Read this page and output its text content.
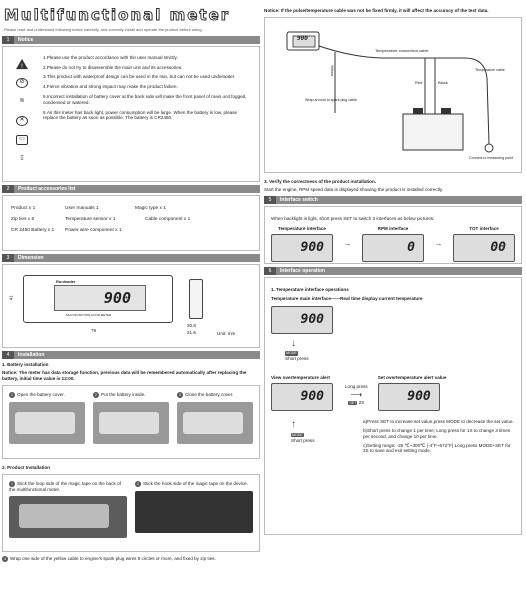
Multifunctional meter
Please read and understand following notice carefully, and correctly install and operate the product before using.
1	Notice
!
⊘
≋
✕
▭
▯

1.Please use the product accordance with the user manual strictly.

2.Please do not try to disassemble the main unit and its accessories.

3.This product with waterproof design can be used in the rain, but can not be used underwater.

4.Fierce vibration and strong impact may make the product failure.

5.Incorrect installation of battery cover at the back side will make the front panel of main unit fogged, condensed or watered.

6.As this meter has back light, power consumption will be large. When the battery is low, please replace the battery as soon as possible. The battery is CR2450.

2	Product accessories list
Product x 1	User manuals 1	Magic type x 1
Zip ties x 6	Temperature sensor x 1	Cable component x 1
CR 2450 Battery x 1	Power wire component x 1
3	Dimension
41
Runleader
900
MULTIFUNCTION HOUR METER
79
20.8
21.6	Unit: mm
4	Installation
1. Battery installation
Notice: The meter has data storage function, previous data will be remembered automatically after replacing the battery, initial time value is 12:00.

1 Open the battery cover.	2 Put the battery inside.	3 Close the battery cover.

2. Product Installation

1 Stick the loop side of the magic tape on the back of the multifunctional meter.

2 Stick the hook side of the magic tape on the device.

3 Wrap one side of the yellow cable to engine's spark plug wires 5 circles or more, and fixed by zip ties.
Notice: If the pulse/temperature cable was not be fixed firmly, it will affect the accuracy of the test data.
900
Temperature connection cable
Yellow
Wrap around to spark plug cable
Red	Black
Temperature cable
Connect to measuring point
3. Verify the correctness of the product installation.
Start the engine, RPM speed data is displayed showing the product is installed correctly.
5	Interface switch
When backlight is light, short press SET to switch 3 interfaces as below pictures:
Temperature interface
900 →
RPM interface
0 →
TOT interface
00
6	Interface operation
1. Temperature interface operations
Temperature main interface——Real time display current temperature
900
↓
MODE
Short press
View overtemperature alert
900
Long press
⟶
SET 2S
Set overtemperature alert value
900
↑
MODE
Short press

a)Press SET to increase set value,press MODE to decrease the set value.

b)Short press to change 1 per time; Long press for 1S to change 3 times per second, and change 10 per time.

c)Setting range: -25 ℃~300℃ (-4°F~572°F).Long press MODE+SET for 2S to save and exit setting mode.
